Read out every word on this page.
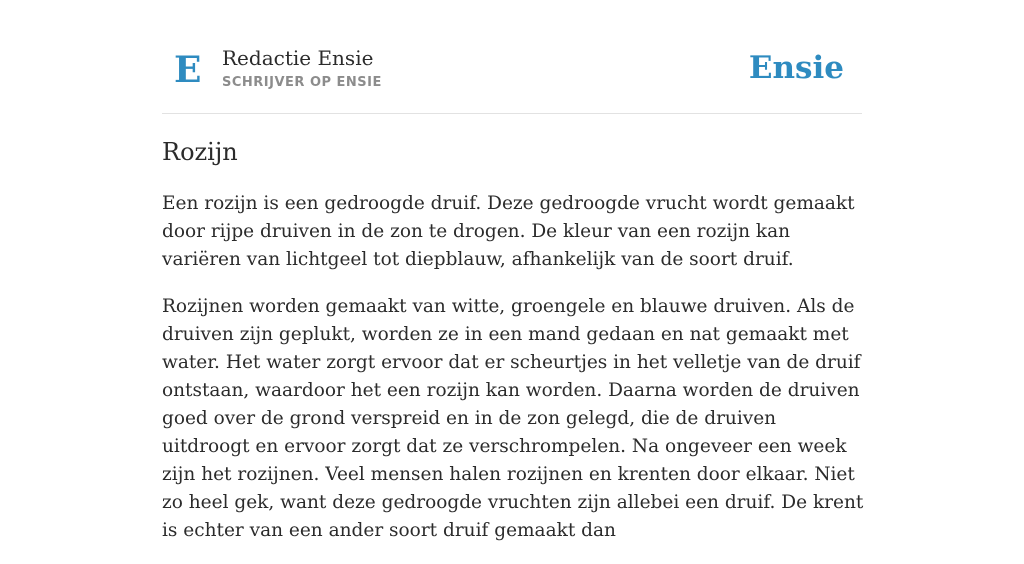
E Redactie Ensie
SCHRIJVER OP ENSIE	Ensie
Rozijn

Een rozijn is een gedroogde druif. Deze gedroogde vrucht wordt gemaakt door rijpe druiven in de zon te drogen. De kleur van een rozijn kan variëren van lichtgeel tot diepblauw, afhankelijk van de soort druif.

Rozijnen worden gemaakt van witte, groengele en blauwe druiven. Als de druiven zijn geplukt, worden ze in een mand gedaan en nat gemaakt met water. Het water zorgt ervoor dat er scheurtjes in het velletje van de druif ontstaan, waardoor het een rozijn kan worden. Daarna worden de druiven goed over de grond verspreid en in de zon gelegd, die de druiven uitdroogt en ervoor zorgt dat ze verschrompelen. Na ongeveer een week zijn het rozijnen. Veel mensen halen rozijnen en krenten door elkaar. Niet zo heel gek, want deze gedroogde vruchten zijn allebei een druif. De krent is echter van een ander soort druif gemaakt dan
